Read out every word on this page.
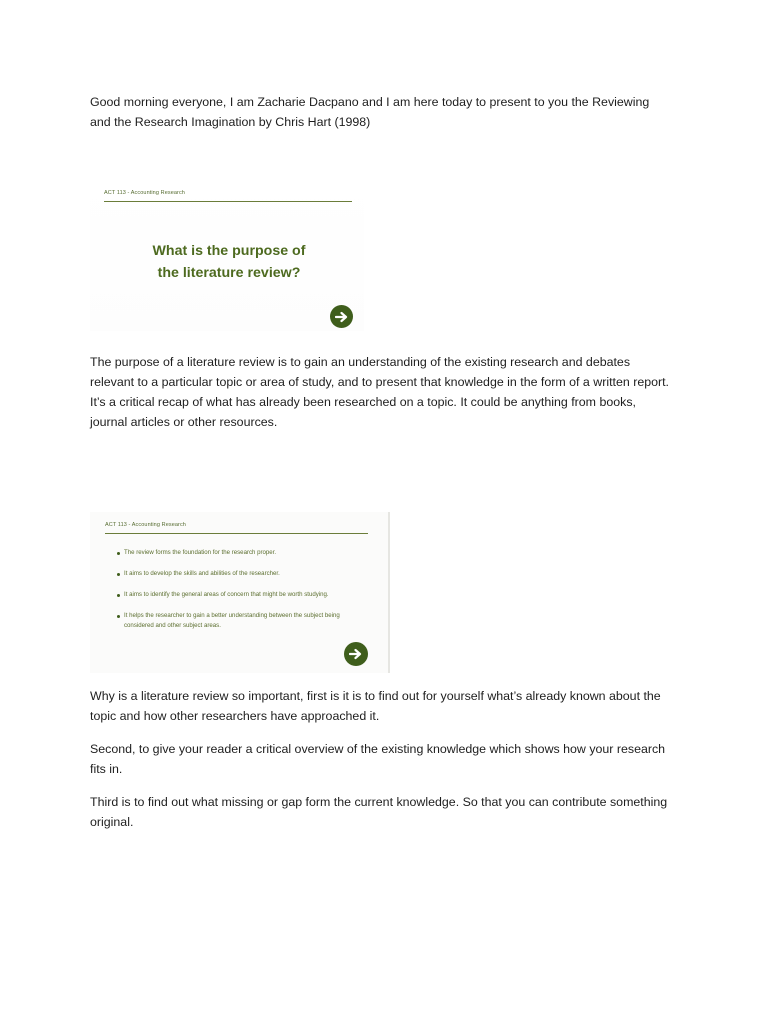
Good morning everyone, I am Zacharie Dacpano and I am here today to present to you the Reviewing and the Research Imagination by Chris Hart (1998)

ACT 113 - Accounting Research

What is the purpose of
the literature review?

The purpose of a literature review is to gain an understanding of the existing research and debates relevant to a particular topic or area of study, and to present that knowledge in the form of a written report. It’s a critical recap of what has already been researched on a topic. It could be anything from books, journal articles or other resources.

ACT 113 - Accounting Research
The review forms the foundation for the research proper.
It aims to develop the skills and abilities of the researcher.
It aims to identify the general areas of concern that might be worth studying.
It helps the researcher to gain a better understanding between the subject being considered and other subject areas.

Why is a literature review so important, first is it is to find out for yourself what’s already known about the topic and how other researchers have approached it.

Second, to give your reader a critical overview of the existing knowledge which shows how your research fits in.

Third is to find out what missing or gap form the current knowledge. So that you can contribute something original.
